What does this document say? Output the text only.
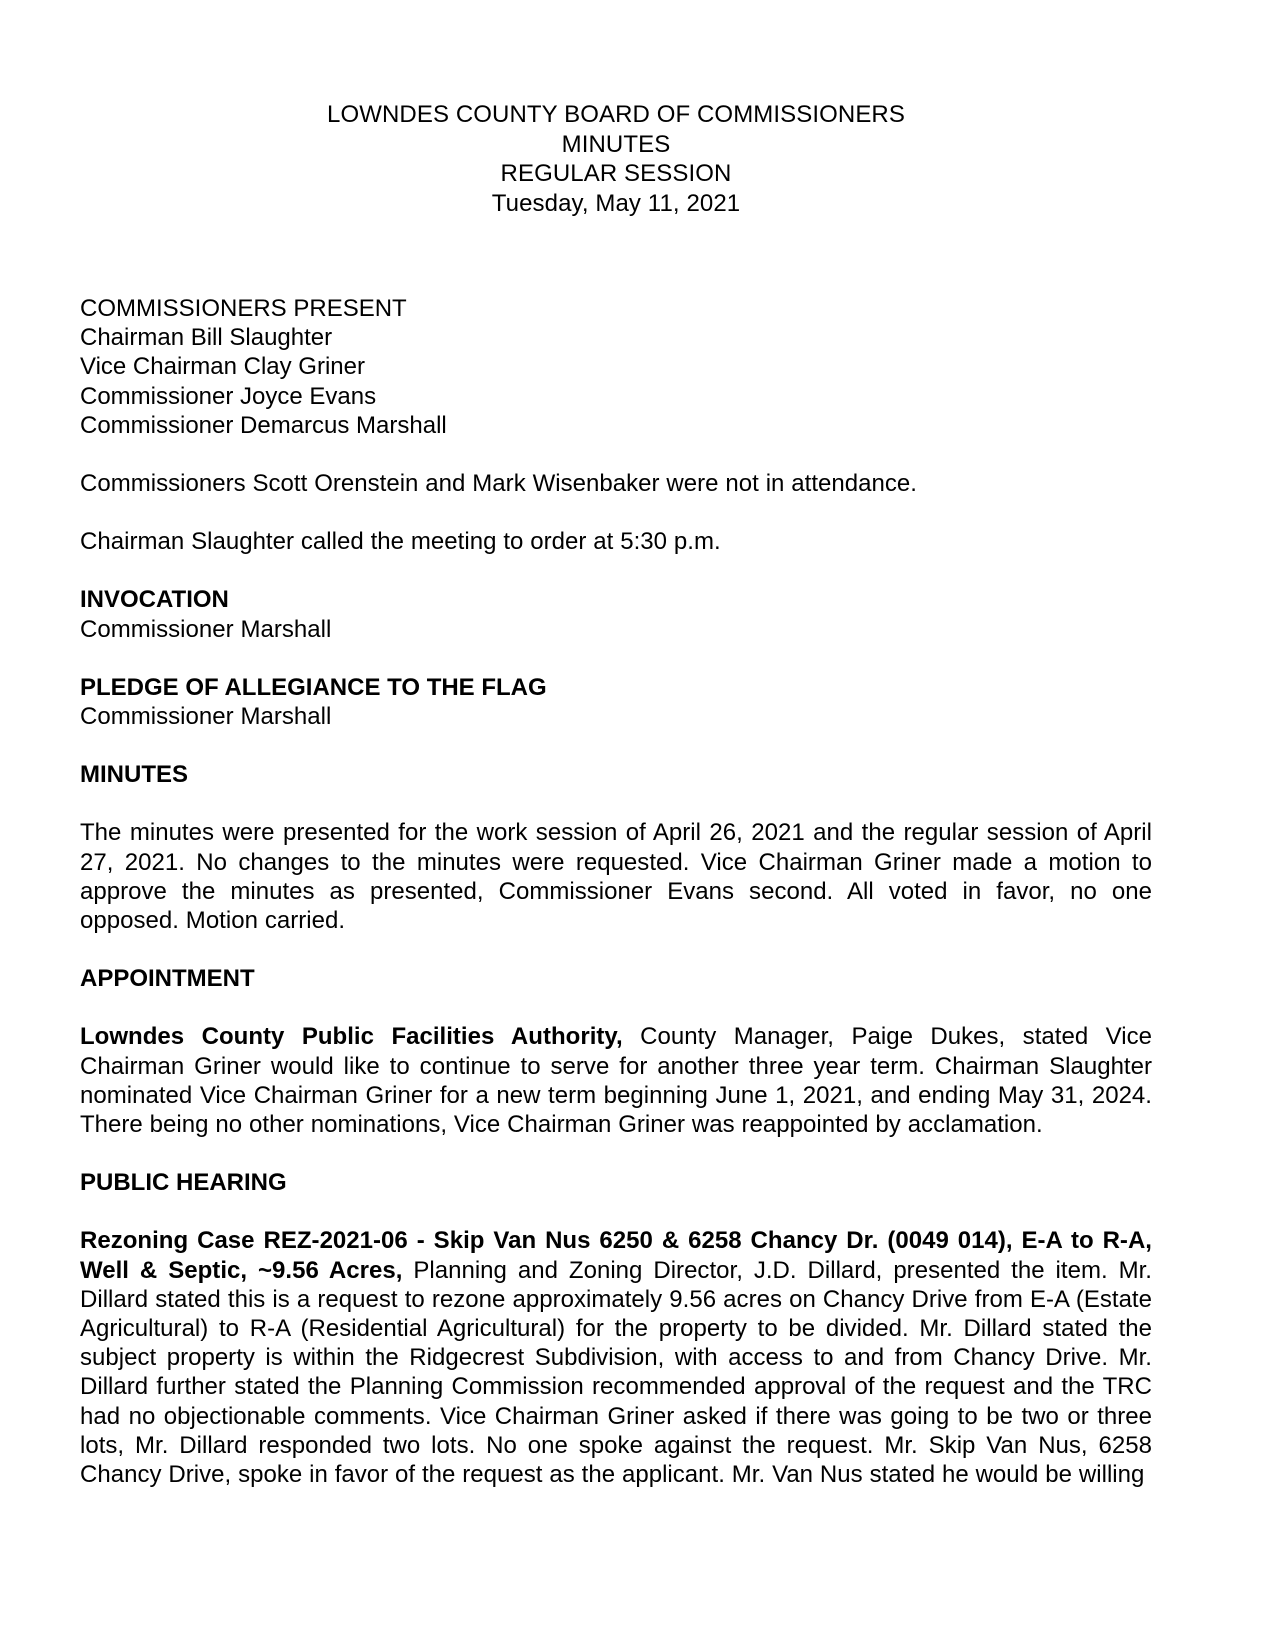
LOWNDES COUNTY BOARD OF COMMISSIONERS
MINUTES
REGULAR SESSION
Tuesday, May 11, 2021
COMMISSIONERS PRESENT
Chairman Bill Slaughter
Vice Chairman Clay Griner
Commissioner Joyce Evans
Commissioner Demarcus Marshall

Commissioners Scott Orenstein and Mark Wisenbaker were not in attendance.

Chairman Slaughter called the meeting to order at 5:30 p.m.

INVOCATION

Commissioner Marshall

PLEDGE OF ALLEGIANCE TO THE FLAG

Commissioner Marshall

MINUTES

The minutes were presented for the work session of April 26, 2021 and the regular session of April 27, 2021. No changes to the minutes were requested. Vice Chairman Griner made a motion to approve the minutes as presented, Commissioner Evans second. All voted in favor, no one opposed. Motion carried.

APPOINTMENT

Lowndes County Public Facilities Authority, County Manager, Paige Dukes, stated Vice Chairman Griner would like to continue to serve for another three year term. Chairman Slaughter nominated Vice Chairman Griner for a new term beginning June 1, 2021, and ending May 31, 2024. There being no other nominations, Vice Chairman Griner was reappointed by acclamation.

PUBLIC HEARING

Rezoning Case REZ-2021-06 - Skip Van Nus 6250 & 6258 Chancy Dr. (0049 014), E-A to R-A, Well & Septic, ~9.56 Acres, Planning and Zoning Director, J.D. Dillard, presented the item. Mr. Dillard stated this is a request to rezone approximately 9.56 acres on Chancy Drive from E-A (Estate Agricultural) to R-A (Residential Agricultural) for the property to be divided. Mr. Dillard stated the subject property is within the Ridgecrest Subdivision, with access to and from Chancy Drive. Mr. Dillard further stated the Planning Commission recommended approval of the request and the TRC had no objectionable comments. Vice Chairman Griner asked if there was going to be two or three lots, Mr. Dillard responded two lots. No one spoke against the request. Mr. Skip Van Nus, 6258 Chancy Drive, spoke in favor of the request as the applicant. Mr. Van Nus stated he would be willing
